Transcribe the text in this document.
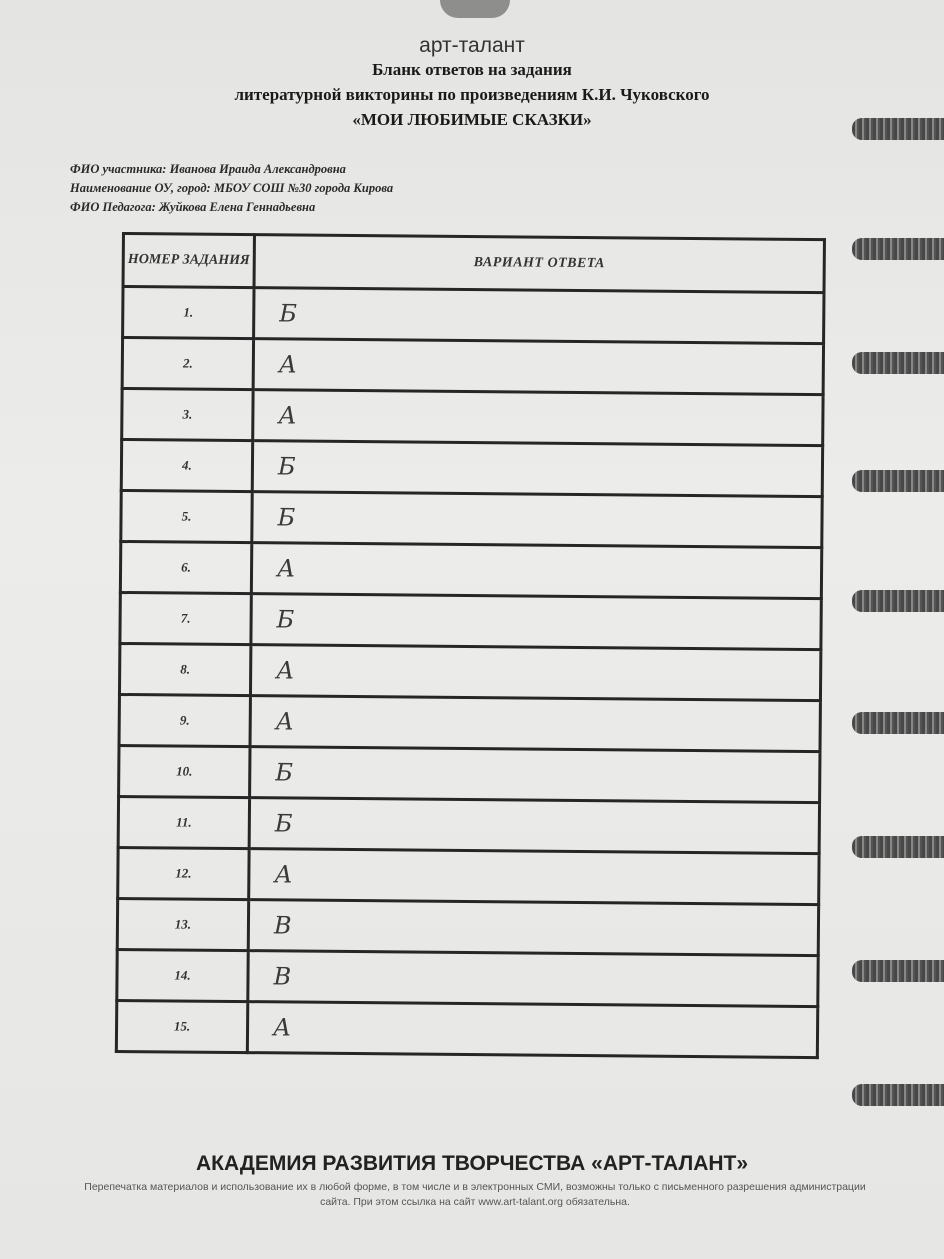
арт-талант
Бланк ответов на задания
литературной викторины по произведениям К.И. Чуковского
«МОИ ЛЮБИМЫЕ СКАЗКИ»
ФИО участника: Иванова Ираида Александровна
Наименование ОУ, город: МБОУ СОШ №30 города Кирова
ФИО Педагога: Жуйкова Елена Геннадьевна
НОМЕР ЗАДАНИЯ	ВАРИАНТ ОТВЕТА
1.	Б
2.	А
3.	А
4.	Б
5.	Б
6.	А
7.	Б
8.	А
9.	А
10.	Б
11.	Б
12.	А
13.	В
14.	В
15.	А
АКАДЕМИЯ РАЗВИТИЯ ТВОРЧЕСТВА «АРТ-ТАЛАНТ»
Перепечатка материалов и использование их в любой форме, в том числе и в электронных СМИ, возможны только с письменного разрешения администрации сайта. При этом ссылка на сайт www.art-talant.org обязательна.
